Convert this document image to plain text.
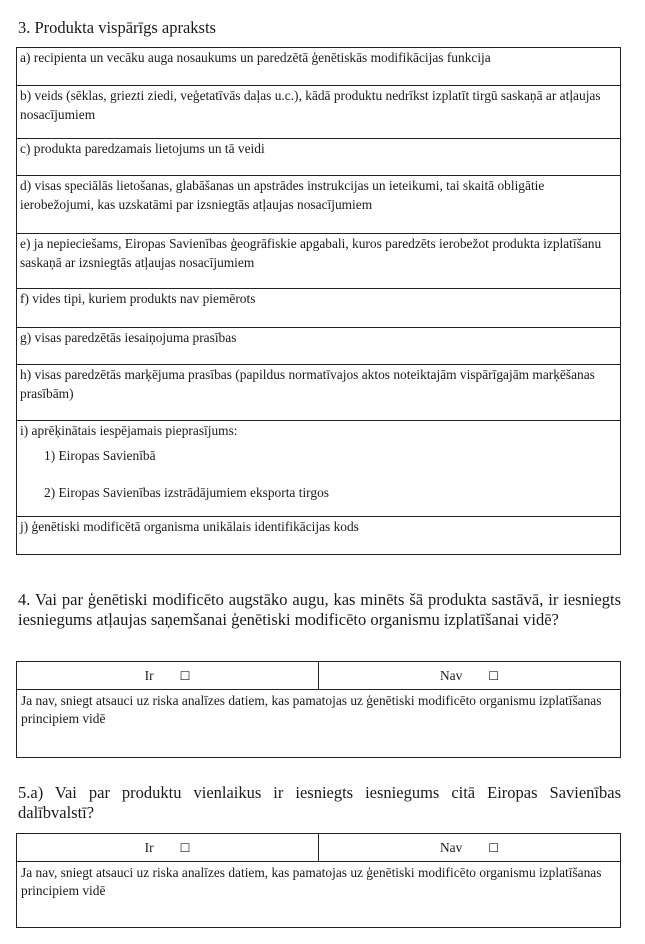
3. Produkta vispārīgs apraksts
a) recipienta un vecāku auga nosaukums un paredzētā ģenētiskās modifikācijas funkcija
b) veids (sēklas, griezti ziedi, veģetatīvās daļas u.c.), kādā produktu nedrīkst izplatīt tirgū saskaņā ar atļaujas nosacījumiem
c) produkta paredzamais lietojums un tā veidi
d) visas speciālās lietošanas, glabāšanas un apstrādes instrukcijas un ieteikumi, tai skaitā obligātie ierobežojumi, kas uzskatāmi par izsniegtās atļaujas nosacījumiem
e) ja nepieciešams, Eiropas Savienības ģeogrāfiskie apgabali, kuros paredzēts ierobežot produkta izplatīšanu saskaņā ar izsniegtās atļaujas nosacījumiem
f) vides tipi, kuriem produkts nav piemērots
g) visas paredzētās iesaiņojuma prasības
h) visas paredzētās marķējuma prasības (papildus normatīvajos aktos noteiktajām vispārīgajām marķēšanas prasībām)

i) aprēķinātais iespējamais pieprasījums:
1) Eiropas Savienībā
2) Eiropas Savienības izstrādājumiem eksporta tirgos

j) ģenētiski modificētā organisma unikālais identifikācijas kods

4. Vai par ģenētiski modificēto augstāko augu, kas minēts šā produkta sastāvā, ir iesniegts iesniegums atļaujas saņemšanai ģenētiski modificēto organismu izplatīšanai vidē?

Ir ☐	Nav ☐
Ja nav, sniegt atsauci uz riska analīzes datiem, kas pamatojas uz ģenētiski modificēto organismu izplatīšanas principiem vidē

5.a) Vai par produktu vienlaikus ir iesniegts iesniegums citā Eiropas Savienības dalībvalstī?

Ir ☐	Nav ☐
Ja nav, sniegt atsauci uz riska analīzes datiem, kas pamatojas uz ģenētiski modificēto organismu izplatīšanas principiem vidē
